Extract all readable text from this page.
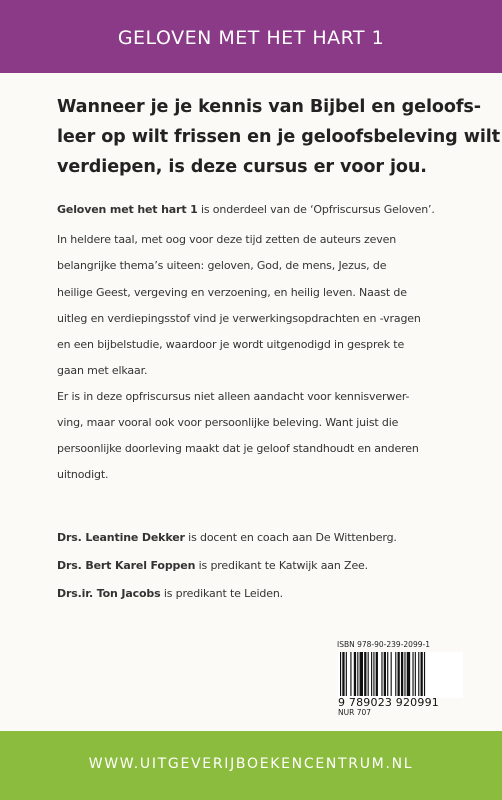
GELOVEN MET HET HART 1
Wanneer je je kennis van Bijbel en geloofs-
leer op wilt frissen en je geloofsbeleving wilt
verdiepen, is deze cursus er voor jou.
Geloven met het hart 1 is onderdeel van de ‘Opfriscursus Geloven’.
In heldere taal, met oog voor deze tijd zetten de auteurs zeven
belangrijke thema’s uiteen: geloven, God, de mens, Jezus, de
heilige Geest, vergeving en verzoening, en heilig leven. Naast de
uitleg en verdiepingsstof vind je verwerkingsopdrachten en -vragen
en een bijbelstudie, waardoor je wordt uitgenodigd in gesprek te
gaan met elkaar.
Er is in deze opfriscursus niet alleen aandacht voor kennisverwer-
ving, maar vooral ook voor persoonlijke beleving. Want juist die
persoonlijke doorleving maakt dat je geloof standhoudt en anderen
uitnodigt.
Drs. Leantine Dekker is docent en coach aan De Wittenberg.
Drs. Bert Karel Foppen is predikant te Katwijk aan Zee.
Drs.ir. Ton Jacobs is predikant te Leiden.
ISBN 978-90-239-2099-1
9 789023 920991
NUR 707
WWW.UITGEVERIJBOEKENCENTRUM.NL
